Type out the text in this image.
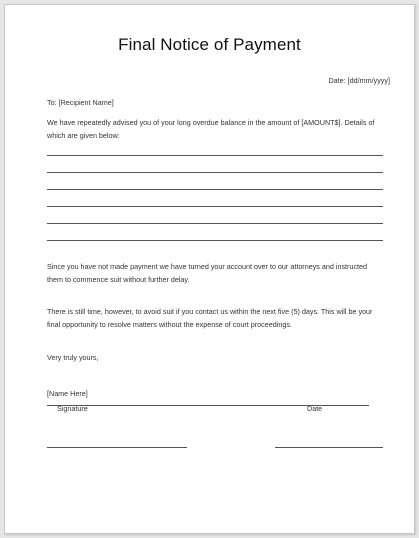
Final Notice of Payment
Date: [dd/mm/yyyy]
To: [Recipient Name]
We have repeatedly advised you of your long overdue balance in the amount of [AMOUNT$]. Details of which are given below:
Since you have not made payment we have turned your account over to our attorneys and instructed them to commence suit without further delay.
There is still time, however, to avoid suit if you contact us within the next five (5) days. This will be your final opportunity to resolve matters without the expense of court proceedings.
Very truly yours,
[Name Here]
Signature	Date
